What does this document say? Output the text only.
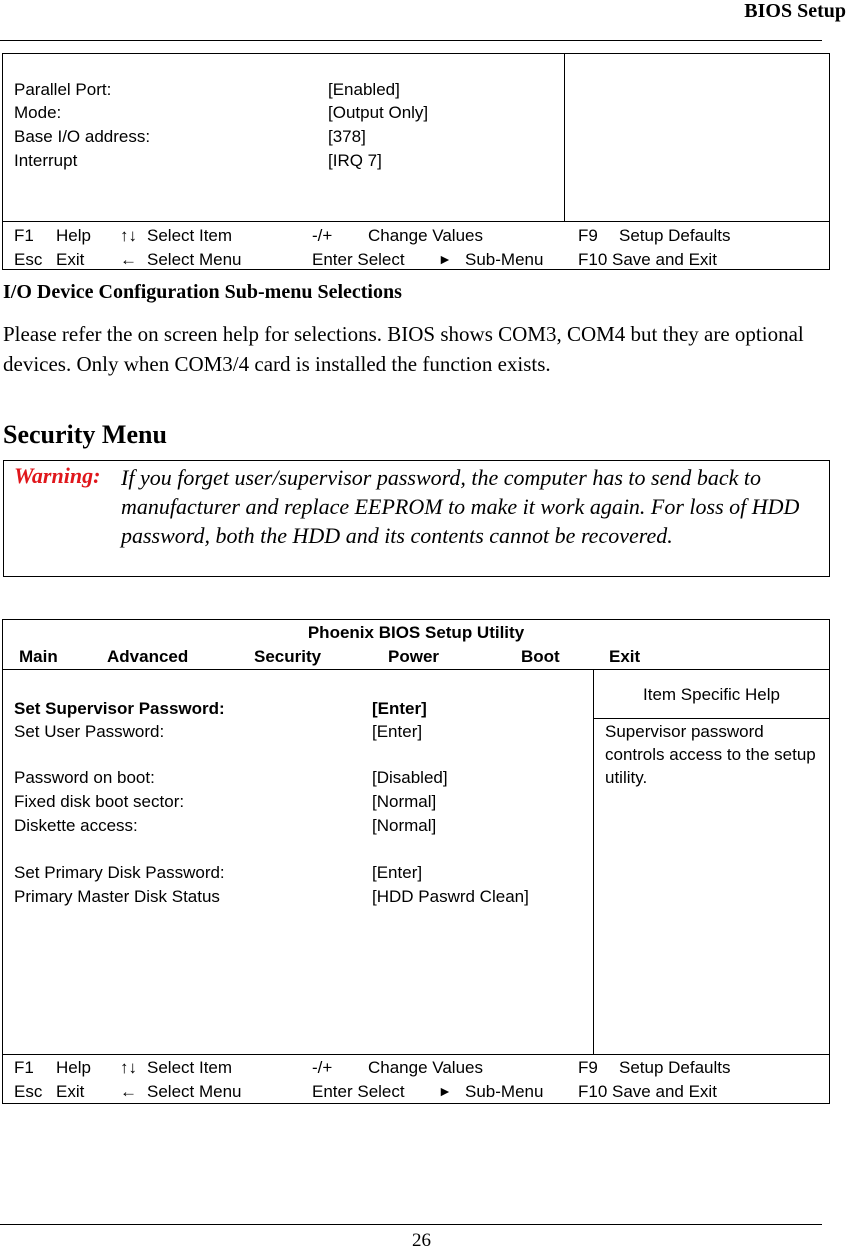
BIOS Setup
Parallel Port:	[Enabled]
Mode:	[Output Only]
Base I/O address:	[378]
Interrupt	[IRQ 7]
F1 Help ↑↓ Select Item	-/+ Change Values	F9 Setup Defaults
Esc Exit ← Select Menu	Enter Select ► Sub-Menu F10 Save and Exit
I/O Device Configuration Sub-menu Selections
Please refer the on screen help for selections. BIOS shows COM3, COM4 but they are optional devices. Only when COM3/4 card is installed the function exists.
Security Menu
Warning: If you forget user/supervisor password, the computer has to send back to manufacturer and replace EEPROM to make it work again. For loss of HDD password, both the HDD and its contents cannot be recovered.
Phoenix BIOS Setup Utility
Main	Advanced	Security	Power	Boot	Exit
Item Specific Help
Supervisor password controls access to the setup utility.
Set Supervisor Password:	[Enter]
Set User Password:	[Enter]
Password on boot:	[Disabled]
Fixed disk boot sector:	[Normal]
Diskette access:	[Normal]
Set Primary Disk Password:	[Enter]
Primary Master Disk Status	[HDD Paswrd Clean]
F1 Help ↑↓ Select Item	-/+ Change Values	F9 Setup Defaults
Esc Exit ← Select Menu	Enter Select ► Sub-Menu F10 Save and Exit
26
